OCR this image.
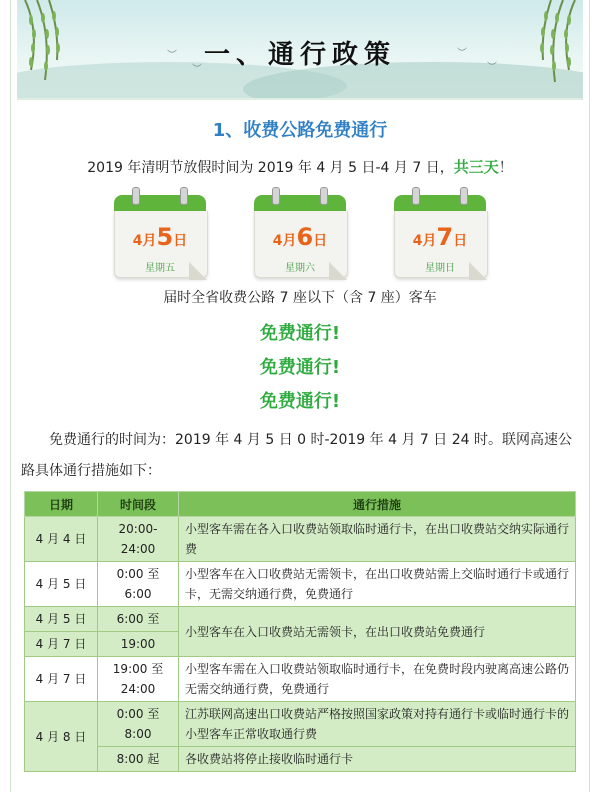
︶
︶
︶
︶
一、通行政策
1、收费公路免费通行
2019 年清明节放假时间为 2019 年 4 月 5 日-4 月 7 日，共三天！
4月5日
星期五
4月6日
星期六
4月7日
星期日
届时全省收费公路 7 座以下（含 7 座）客车
免费通行!
免费通行!
免费通行!
免费通行的时间为：2019 年 4 月 5 日 0 时-2019 年 4 月 7 日 24 时。联网高速公路具体通行措施如下：
日期	时间段	通行措施
4 月 4 日	20:00-24:00	小型客车需在各入口收费站领取临时通行卡，在出口收费站交纳实际通行费
4 月 5 日	0:00 至 6:00	小型客车在入口收费站无需领卡，在出口收费站需上交临时通行卡或通行卡，无需交纳通行费，免费通行
4 月 5 日	6:00 至	小型客车在入口收费站无需领卡，在出口收费站免费通行
4 月 7 日	19:00	
4 月 7 日	19:00 至 24:00	小型客车需在入口收费站领取临时通行卡，在免费时段内驶离高速公路仍无需交纳通行费，免费通行
4 月 8 日	0:00 至 8:00	江苏联网高速出口收费站严格按照国家政策对持有通行卡或临时通行卡的小型客车正常收取通行费
	8:00 起	各收费站将停止接收临时通行卡
